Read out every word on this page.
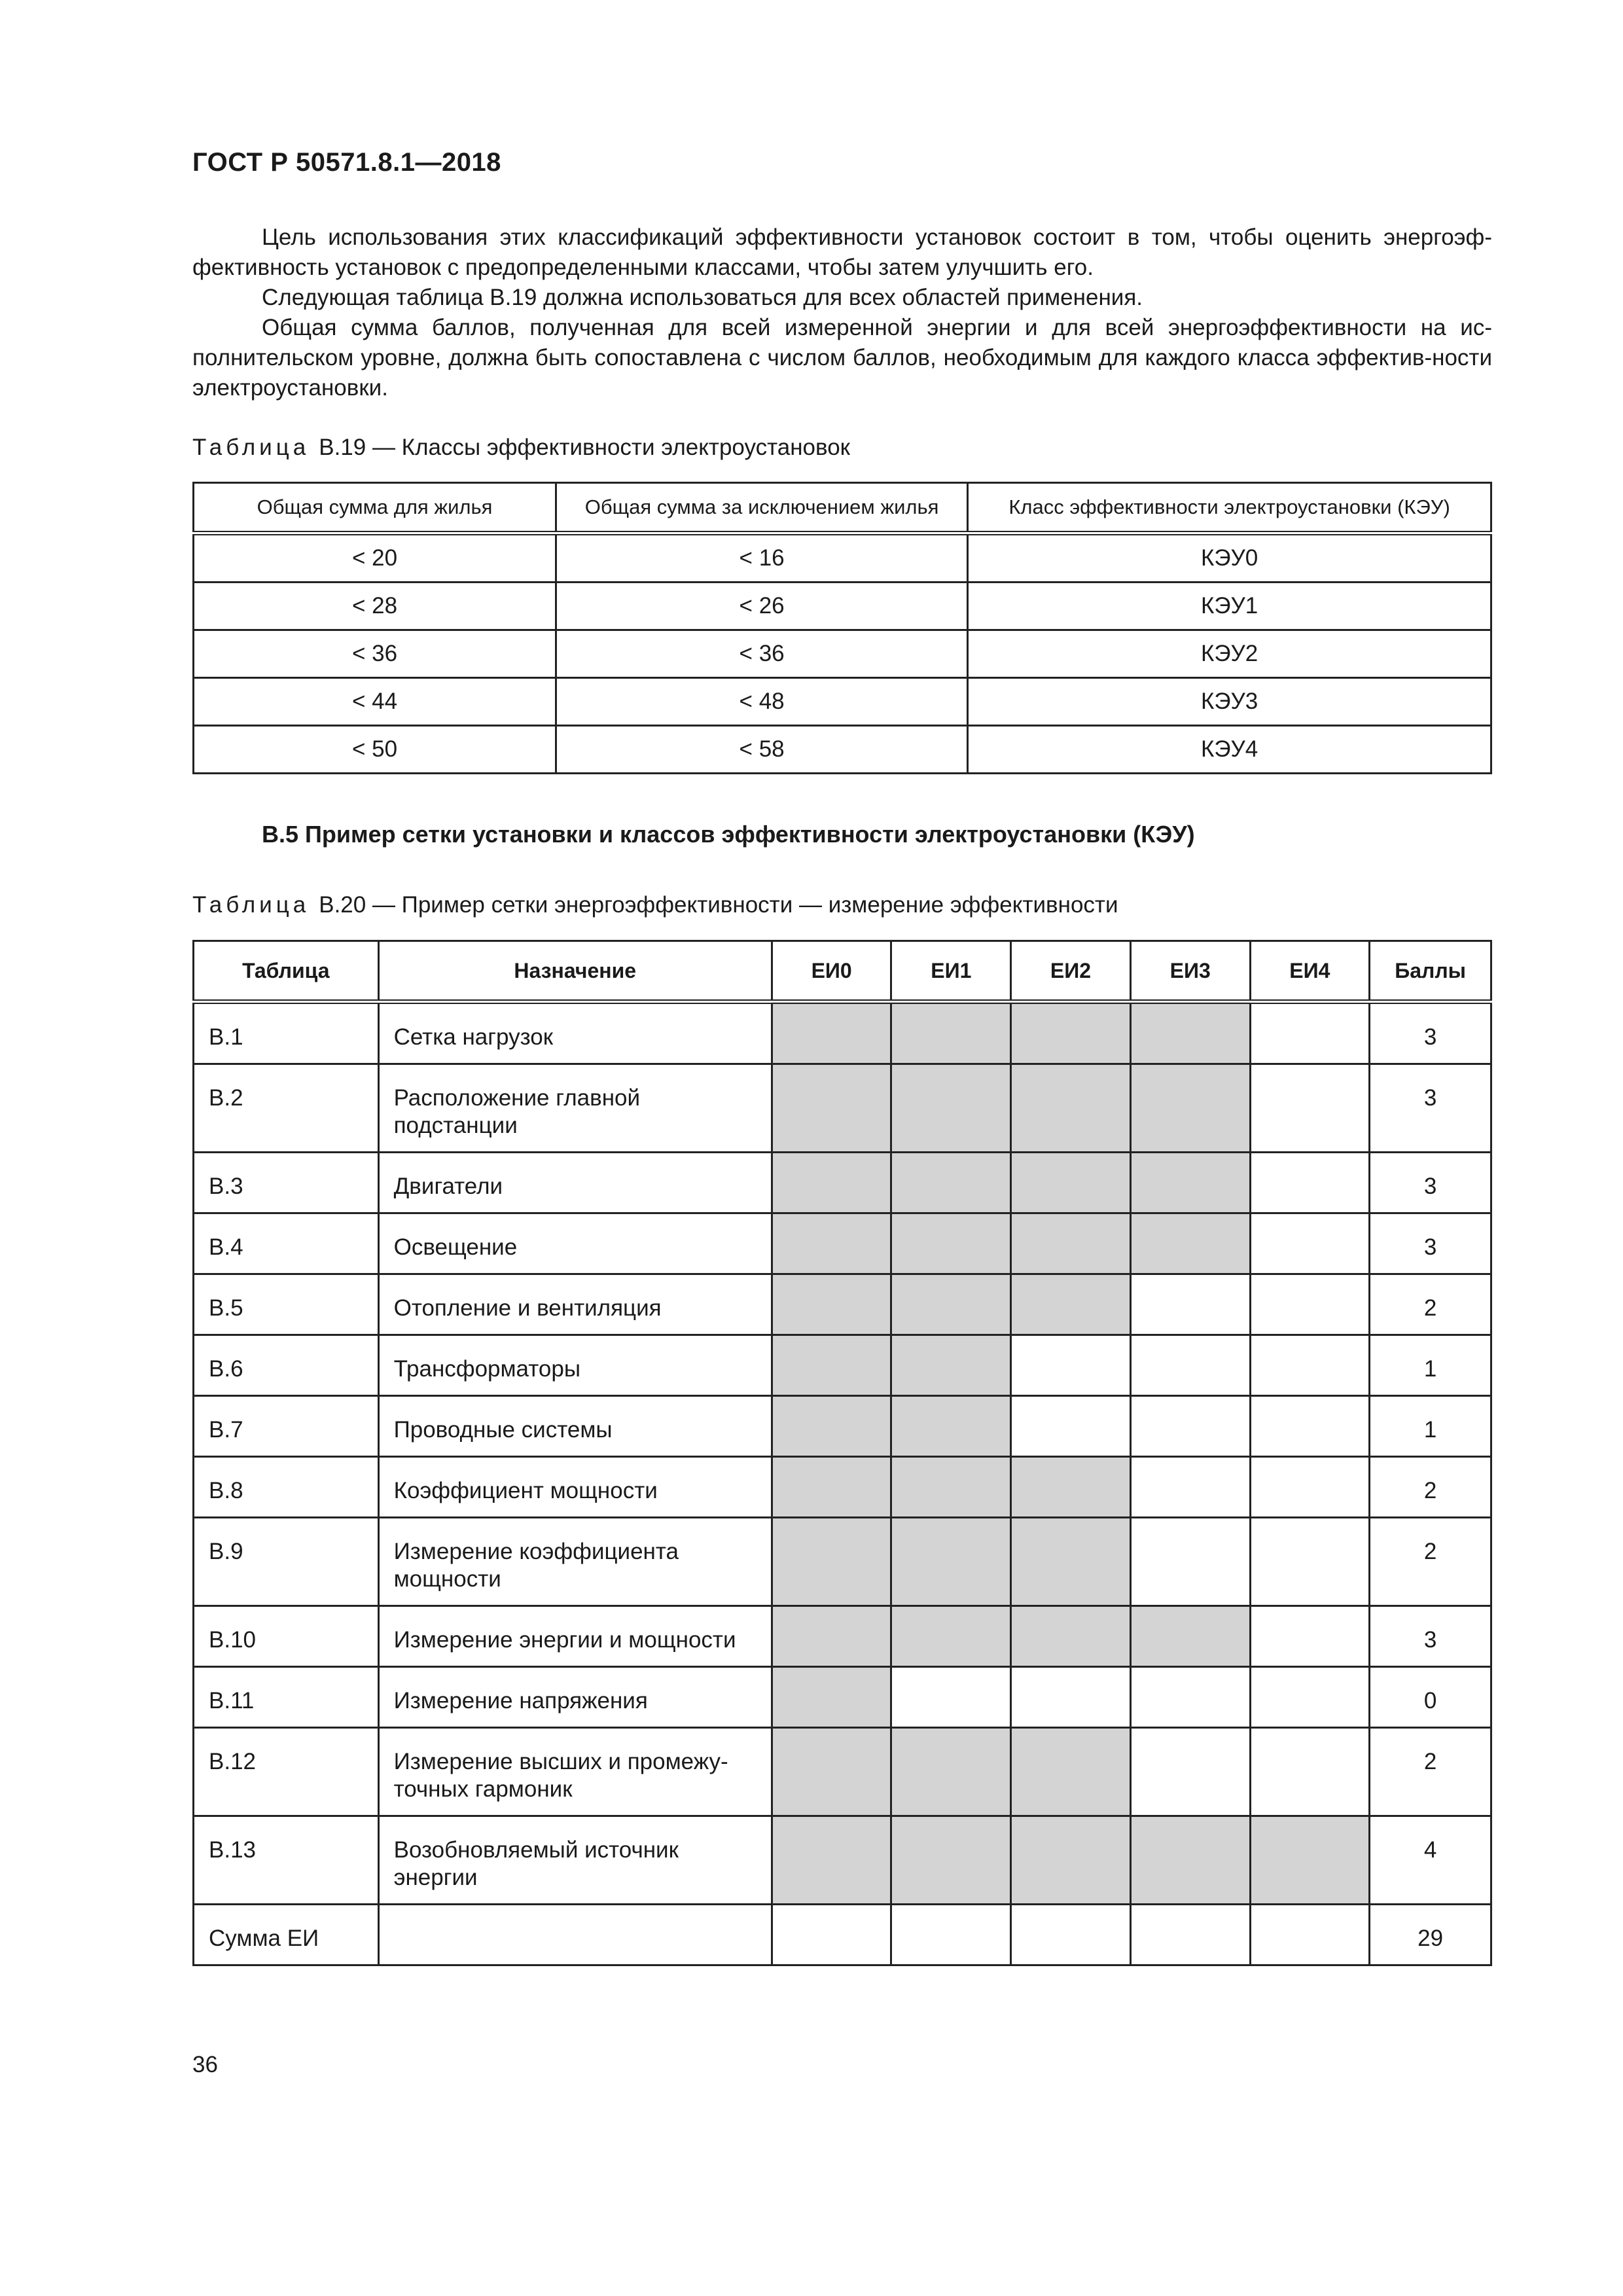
ГОСТ Р 50571.8.1—2018

Цель использования этих классификаций эффективности установок состоит в том, чтобы оценить энергоэф-фективность установок с предопределенными классами, чтобы затем улучшить его.

Следующая таблица В.19 должна использоваться для всех областей применения.

Общая сумма баллов, полученная для всей измеренной энергии и для всей энергоэффективности на ис-полнительском уровне, должна быть сопоставлена с числом баллов, необходимым для каждого класса эффектив-ности электроустановки.

Таблица В.19 — Классы эффективности электроустановок
Общая сумма для жилья	Общая сумма за исключением жилья	Класс эффективности электроустановки (КЭУ)
< 20	< 16	КЭУ0
< 28	< 26	КЭУ1
< 36	< 36	КЭУ2
< 44	< 48	КЭУ3
< 50	< 58	КЭУ4
В.5 Пример сетки установки и классов эффективности электроустановки (КЭУ)
Таблица В.20 — Пример сетки энергоэффективности — измерение эффективности
Таблица	Назначение	ЕИ0	ЕИ1	ЕИ2	ЕИ3	ЕИ4	Баллы
В.1	Сетка нагрузок						3
В.2	Расположение главной подстанции						3
В.3	Двигатели						3
В.4	Освещение						3
В.5	Отопление и вентиляция						2
В.6	Трансформаторы						1
В.7	Проводные системы						1
В.8	Коэффициент мощности						2
В.9	Измерение коэффициента мощности						2
В.10	Измерение энергии и мощности						3
В.11	Измерение напряжения						0
В.12	Измерение высших и промежу-точных гармоник						2
В.13	Возобновляемый источник энергии						4
Сумма ЕИ							29
36
